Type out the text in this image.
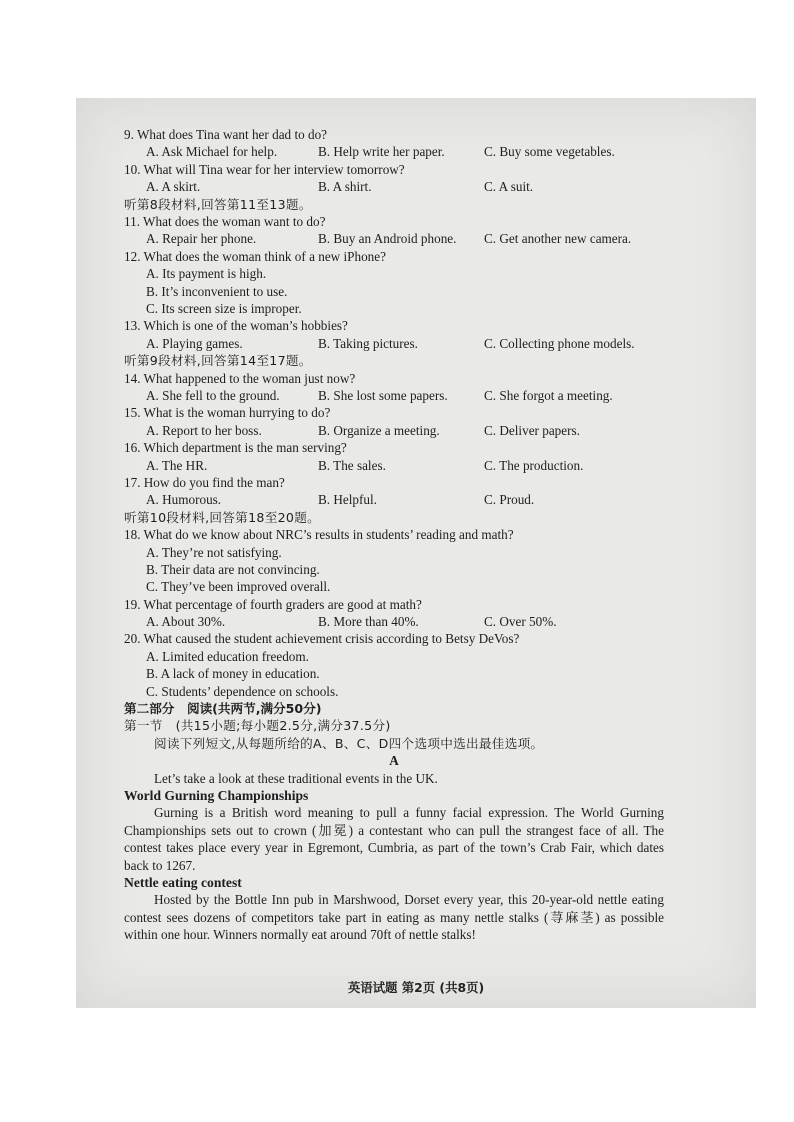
9. What does Tina want her dad to do?
A. Ask Michael for help.	B. Help write her paper.	C. Buy some vegetables.
10. What will Tina wear for her interview tomorrow?
A. A skirt.	B. A shirt.	C. A suit.
听第8段材料,回答第11至13题。
11. What does the woman want to do?
A. Repair her phone.	B. Buy an Android phone.	C. Get another new camera.
12. What does the woman think of a new iPhone?
A. Its payment is high.
B. It’s inconvenient to use.
C. Its screen size is improper.
13. Which is one of the woman’s hobbies?
A. Playing games.	B. Taking pictures.	C. Collecting phone models.
听第9段材料,回答第14至17题。
14. What happened to the woman just now?
A. She fell to the ground.	B. She lost some papers.	C. She forgot a meeting.
15. What is the woman hurrying to do?
A. Report to her boss.	B. Organize a meeting.	C. Deliver papers.
16. Which department is the man serving?
A. The HR.	B. The sales.	C. The production.
17. How do you find the man?
A. Humorous.	B. Helpful.	C. Proud.
听第10段材料,回答第18至20题。
18. What do we know about NRC’s results in students’ reading and math?
A. They’re not satisfying.
B. Their data are not convincing.
C. They’ve been improved overall.
19. What percentage of fourth graders are good at math?
A. About 30%.	B. More than 40%.	C. Over 50%.
20. What caused the student achievement crisis according to Betsy DeVos?
A. Limited education freedom.
B. A lack of money in education.
C. Students’ dependence on schools.
第二部分　阅读(共两节,满分50分)
第一节　(共15小题;每小题2.5分,满分37.5分)
阅读下列短文,从每题所给的A、B、C、D四个选项中选出最佳选项。
A
Let’s take a look at these traditional events in the UK.
World Gurning Championships
Gurning is a British word meaning to pull a funny facial expression. The World Gurning Championships sets out to crown (加冕) a contestant who can pull the strangest face of all. The contest takes place every year in Egremont, Cumbria, as part of the town’s Crab Fair, which dates back to 1267.
Nettle eating contest
Hosted by the Bottle Inn pub in Marshwood, Dorset every year, this 20-year-old nettle eating contest sees dozens of competitors take part in eating as many nettle stalks (荨麻茎) as possible within one hour. Winners normally eat around 70ft of nettle stalks!
英语试题 第2页 (共8页)
